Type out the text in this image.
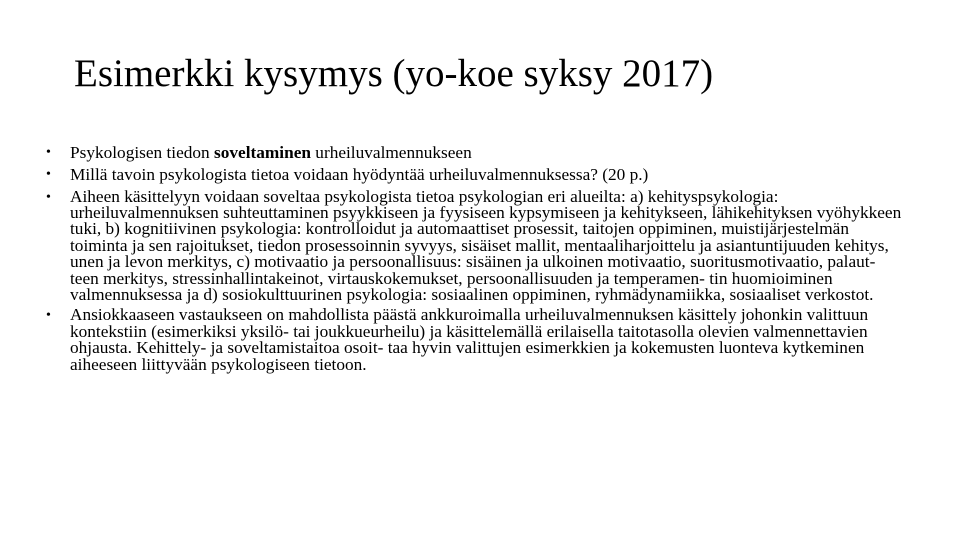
Esimerkki kysymys (yo-koe syksy 2017)
• Psykologisen tiedon soveltaminen urheiluvalmennukseen
• Millä tavoin psykologista tietoa voidaan hyödyntää urheiluvalmennuksessa? (20 p.)
• Aiheen käsittelyyn voidaan soveltaa psykologista tietoa psykologian eri alueilta: a) kehityspsykologia: urheiluvalmennuksen suhteuttaminen psyykkiseen ja fyysiseen kypsymiseen ja kehitykseen, lähikehityksen vyöhykkeen tuki, b) kognitiivinen psykologia: kontrolloidut ja automaattiset prosessit, taitojen oppiminen, muistijärjestelmän toiminta ja sen rajoitukset, tiedon prosessoinnin syvyys, sisäiset mallit, mentaaliharjoittelu ja asiantuntijuuden kehitys, unen ja levon merkitys, c) motivaatio ja persoonallisuus: sisäinen ja ulkoinen motivaatio, suoritusmotivaatio, palaut- teen merkitys, stressinhallintakeinot, virtauskokemukset, persoonallisuuden ja temperamen- tin huomioiminen valmennuksessa ja d) sosiokulttuurinen psykologia: sosiaalinen oppiminen, ryhmädynamiikka, sosiaaliset verkostot.
• Ansiokkaaseen vastaukseen on mahdollista päästä ankkuroimalla urheiluvalmennuksen käsittely johonkin valittuun kontekstiin (esimerkiksi yksilö- tai joukkueurheilu) ja käsittelemällä erilaisella taitotasolla olevien valmennettavien ohjausta. Kehittely- ja soveltamistaitoa osoit- taa hyvin valittujen esimerkkien ja kokemusten luonteva kytkeminen aiheeseen liittyvään psykologiseen tietoon.
